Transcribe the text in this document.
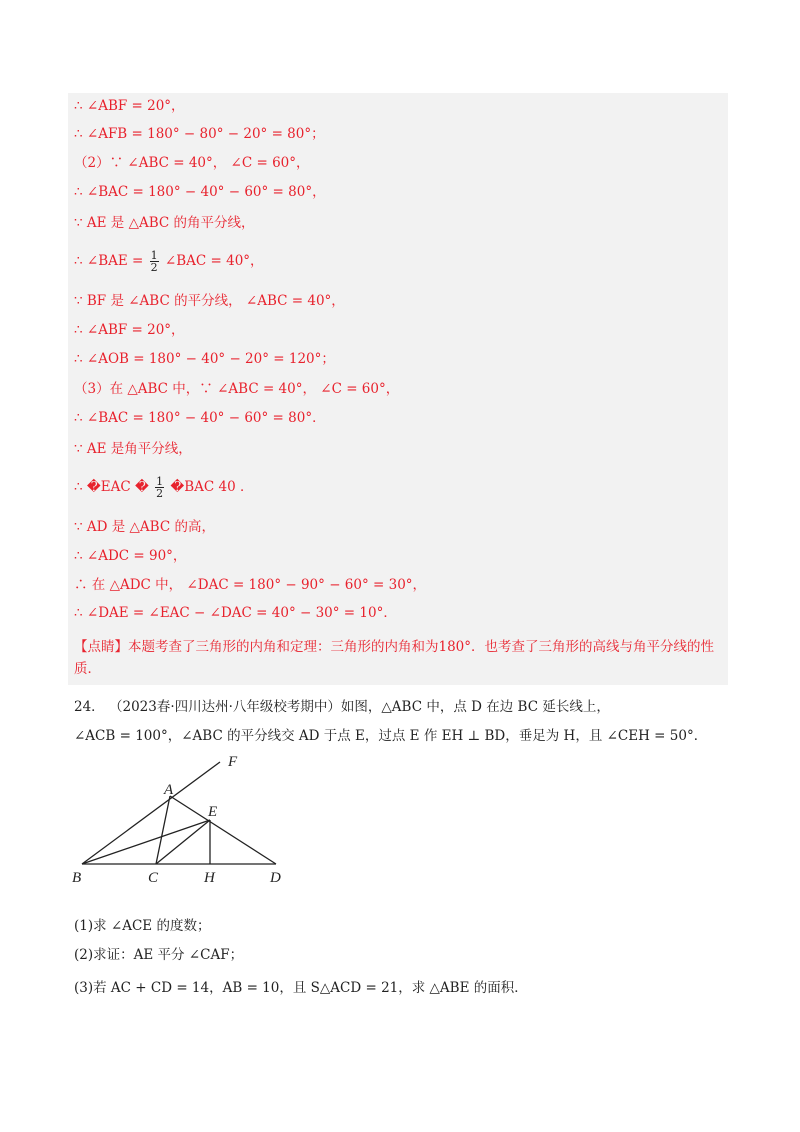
∴ ∠ABF = 20°，
∴ ∠AFB = 180° − 80° − 20° = 80°；
（2）∵ ∠ABC = 40°， ∠C = 60°，
∴ ∠BAC = 180° − 40° − 60° = 80°，
∵ AE 是 △ABC 的角平分线，
∴ ∠BAE = $\frac{1}{2}$ ∠BAC = 40°，
∵ BF 是 ∠ABC 的平分线， ∠ABC = 40°，
∴ ∠ABF = 20°，
∴ ∠AOB = 180° − 40° − 20° = 120°；
（3）在 △ABC 中，∵ ∠ABC = 40°， ∠C = 60°，
∴ ∠BAC = 180° − 40° − 60° = 80°．
∵ AE 是角平分线，
∴ �EAC � $\frac{1}{2}$ �BAC 40 ．
∵ AD 是 △ABC 的高，
∴ ∠ADC = 90°，
∴ 在 △ADC 中， ∠DAC = 180° − 90° − 60° = 30°，
∴ ∠DAE = ∠EAC − ∠DAC = 40° − 30° = 10°．
【点睛】本题考查了三角形的内角和定理：三角形的内角和为180°．也考查了三角形的高线与角平分线的性质．
24． （2023春·四川达州·八年级校考期中）如图，△ABC 中，点 D 在边 BC 延长线上，
∠ACB = 100°，∠ABC 的平分线交 AD 于点 E，过点 E 作 EH ⊥ BD，垂足为 H，且 ∠CEH = 50°．
A
F
E
B	C	H	D
(1)求 ∠ACE 的度数；
(2)求证：AE 平分 ∠CAF；
(3)若 AC + CD = 14，AB = 10，且 S△ACD = 21，求 △ABE 的面积．
